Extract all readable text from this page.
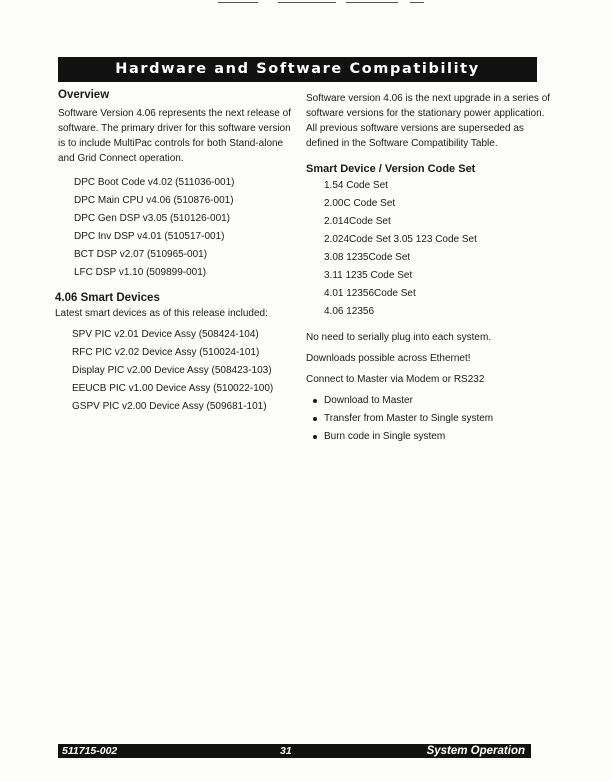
Hardware and Software Compatibility
Overview

Software Version 4.06 represents the next release of software. The primary driver for this software version is to include MultiPac controls for both Stand-alone and Grid Connect operation.

DPC Boot Code v4.02 (511036-001)
DPC Main CPU v4.06 (510876-001)
DPC Gen DSP v3.05 (510126-001)
DPC Inv DSP v4.01 (510517-001)
BCT DSP v2.07 (510965-001)
LFC DSP v1.10 (509899-001)
4.06 Smart Devices

Latest smart devices as of this release included:

SPV PIC v2.01 Device Assy (508424-104)
RFC PIC v2.02 Device Assy (510024-101)
Display PIC v2.00 Device Assy (508423-103)
EEUCB PIC v1.00 Device Assy (510022-100)
GSPV PIC v2.00 Device Assy (509681-101)

Software version 4.06 is the next upgrade in a series of software versions for the stationary power application. All previous software versions are superseded as defined in the Software Compatibility Table.

Smart Device / Version Code Set
1.54 Code Set
2.00C Code Set
2.014Code Set
2.024Code Set 3.05 123 Code Set
3.08 1235Code Set
3.11 1235 Code Set
4.01 12356Code Set
4.06 12356

No need to serially plug into each system.

Downloads possible across Ethernet!

Connect to Master via Modem or RS232

Download to Master
Transfer from Master to Single system
Burn code in Single system
511715-002	31	System Operation
